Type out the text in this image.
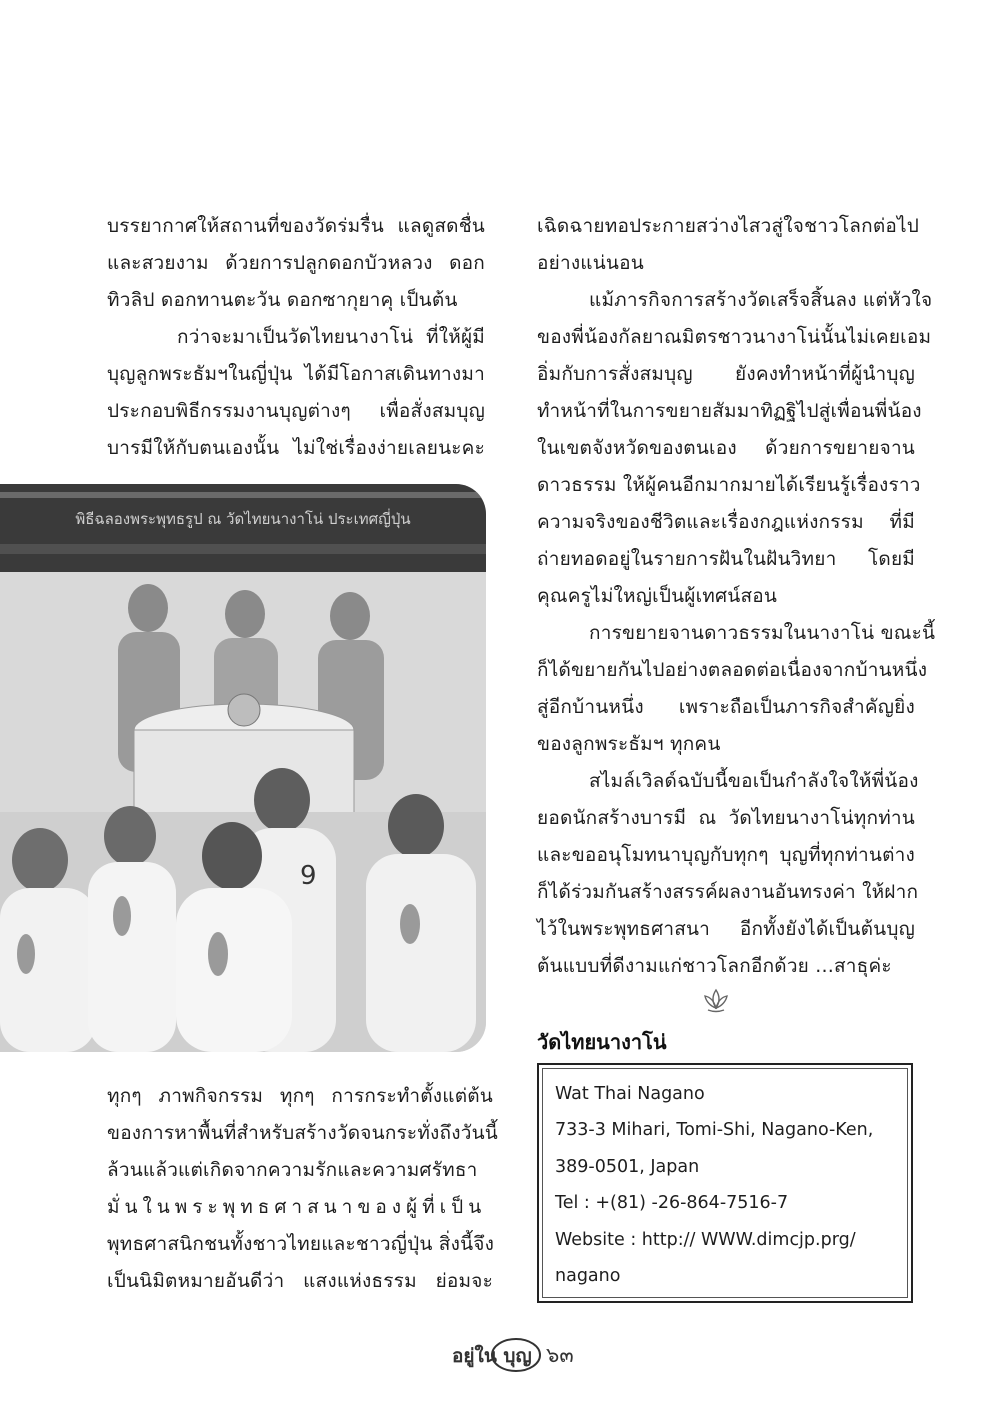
บรรยากาศให้สถานที่ของวัดร่มรื่น แลดูสดชื่น
และสวยงาม ด้วยการปลูกดอกบัวหลวง ดอก
ทิวลิป ดอกทานตะวัน ดอกซากุยาคุ เป็นต้น
กว่าจะมาเป็นวัดไทยนางาโน่ ที่ให้ผู้มี
บุญลูกพระธัมฯในญี่ปุ่น ได้มีโอกาสเดินทางมา
ประกอบพิธีกรรมงานบุญต่างๆ เพื่อสั่งสมบุญ
บารมีให้กับตนเองนั้น ไม่ใช่เรื่องง่ายเลยนะคะ
พิธีฉลองพระพุทธรูป ณ วัดไทยนางาโน่ ประเทศญี่ปุ่น
9
ทุกๆ ภาพกิจกรรม ทุกๆ การกระทำตั้งแต่ต้น
ของการหาพื้นที่สำหรับสร้างวัดจนกระทั่งถึงวันนี้
ล้วนแล้วแต่เกิดจากความรักและความศรัทธา
มั่นในพระพุทธศาสนาของผู้ที่เป็น
พุทธศาสนิกชนทั้งชาวไทยและชาวญี่ปุ่น สิ่งนี้จึง
เป็นนิมิตหมายอันดีว่า แสงแห่งธรรม ย่อมจะ
เฉิดฉายทอประกายสว่างไสวสู่ใจชาวโลกต่อไป
อย่างแน่นอน
แม้ภารกิจการสร้างวัดเสร็จสิ้นลง แต่หัวใจ
ของพี่น้องกัลยาณมิตรชาวนางาโน่นั้นไม่เคยเอม
อิ่มกับการสั่งสมบุญ ยังคงทำหน้าที่ผู้นำบุญ
ทำหน้าที่ในการขยายสัมมาทิฏฐิไปสู่เพื่อนพี่น้อง
ในเขตจังหวัดของตนเอง ด้วยการขยายจาน
ดาวธรรม ให้ผู้คนอีกมากมายได้เรียนรู้เรื่องราว
ความจริงของชีวิตและเรื่องกฎแห่งกรรม ที่มี
ถ่ายทอดอยู่ในรายการฝันในฝันวิทยา โดยมี
คุณครูไม่ใหญ่เป็นผู้เทศน์สอน
การขยายจานดาวธรรมในนางาโน่ ขณะนี้
ก็ได้ขยายกันไปอย่างตลอดต่อเนื่องจากบ้านหนึ่ง
สู่อีกบ้านหนึ่ง เพราะถือเป็นภารกิจสำคัญยิ่ง
ของลูกพระธัมฯ ทุกคน
สไมล์เวิลด์ฉบับนี้ขอเป็นกำลังใจให้พี่น้อง
ยอดนักสร้างบารมี ณ วัดไทยนางาโน่ทุกท่าน
และขออนุโมทนาบุญกับทุกๆ บุญที่ทุกท่านต่าง
ก็ได้ร่วมกันสร้างสรรค์ผลงานอันทรงค่า ให้ฝาก
ไว้ในพระพุทธศาสนา อีกทั้งยังได้เป็นต้นบุญ
ต้นแบบที่ดีงามแก่ชาวโลกอีกด้วย ...สาธุค่ะ
วัดไทยนางาโน่
Wat Thai Nagano
733-3 Mihari, Tomi-Shi, Nagano-Ken,
389-0501, Japan
Tel : +(81) -26-864-7516-7
Website : http:// WWW.dimcjp.prg/
nagano
อยู่ใน บุญ ๖๓
